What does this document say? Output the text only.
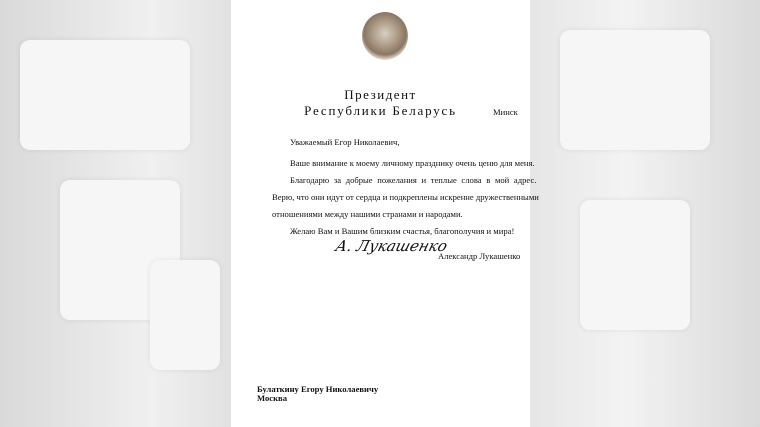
Президент
Республики Беларусь	Минск
Уважаемый Егор Николаевич,
Ваше внимание к моему личному празднику очень ценю для меня.
Благодарю за добрые пожелания и теплые слова в мой адрес.
Верю, что они идут от сердца и подкреплены искренне дружественными
отношениями между нашими странами и народами.
Желаю Вам и Вашим близким счастья, благополучия и мира!
А. Лукашенко
Александр Лукашенко
Булаткину Егору Николаевичу
Москва
